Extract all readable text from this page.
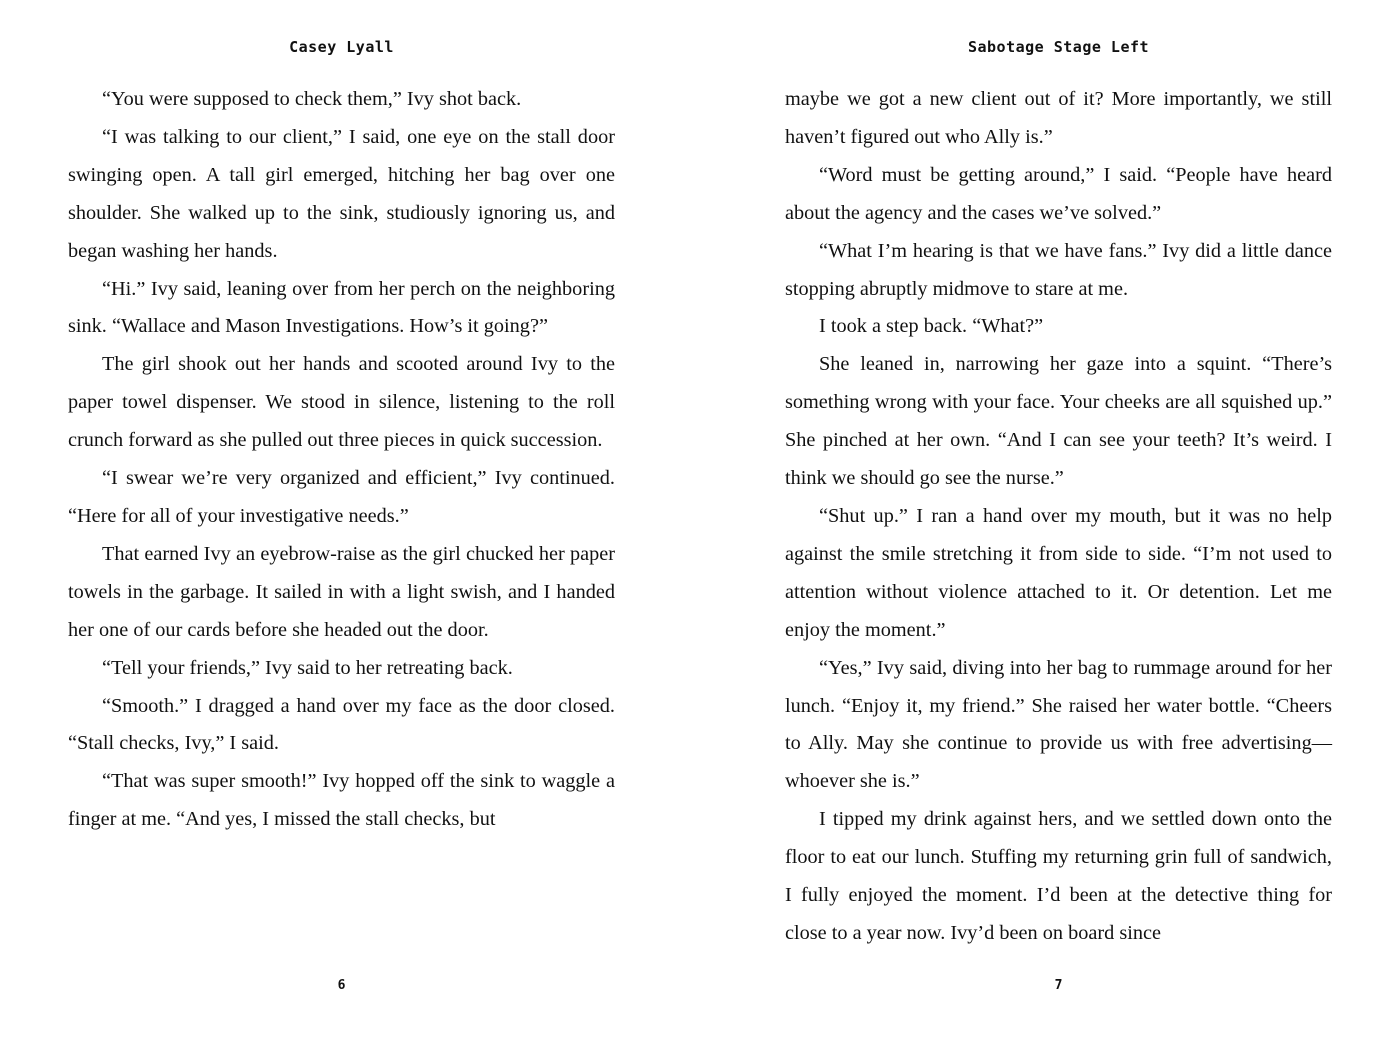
Casey Lyall

“You were supposed to check them,” Ivy shot back.

“I was talking to our client,” I said, one eye on the stall door swinging open. A tall girl emerged, hitching her bag over one shoulder. She walked up to the sink, studiously ignoring us, and began washing her hands.

“Hi.” Ivy said, leaning over from her perch on the neighboring sink. “Wallace and Mason Investigations. How’s it going?”

The girl shook out her hands and scooted around Ivy to the paper towel dispenser. We stood in silence, listening to the roll crunch forward as she pulled out three pieces in quick succession.

“I swear we’re very organized and efficient,” Ivy continued. “Here for all of your investigative needs.”

That earned Ivy an eyebrow-raise as the girl chucked her paper towels in the garbage. It sailed in with a light swish, and I handed her one of our cards before she headed out the door.

“Tell your friends,” Ivy said to her retreating back.

“Smooth.” I dragged a hand over my face as the door closed. “Stall checks, Ivy,” I said.

“That was super smooth!” Ivy hopped off the sink to waggle a finger at me. “And yes, I missed the stall checks, but

6
Sabotage Stage Left

maybe we got a new client out of it? More importantly, we still haven’t figured out who Ally is.”

“Word must be getting around,” I said. “People have heard about the agency and the cases we’ve solved.”

“What I’m hearing is that we have fans.” Ivy did a little dance stopping abruptly midmove to stare at me.

I took a step back. “What?”

She leaned in, narrowing her gaze into a squint. “There’s something wrong with your face. Your cheeks are all squished up.” She pinched at her own. “And I can see your teeth? It’s weird. I think we should go see the nurse.”

“Shut up.” I ran a hand over my mouth, but it was no help against the smile stretching it from side to side. “I’m not used to attention without violence attached to it. Or detention. Let me enjoy the moment.”

“Yes,” Ivy said, diving into her bag to rummage around for her lunch. “Enjoy it, my friend.” She raised her water bottle. “Cheers to Ally. May she continue to provide us with free advertising—whoever she is.”

I tipped my drink against hers, and we settled down onto the floor to eat our lunch. Stuffing my returning grin full of sandwich, I fully enjoyed the moment. I’d been at the detective thing for close to a year now. Ivy’d been on board since

7
